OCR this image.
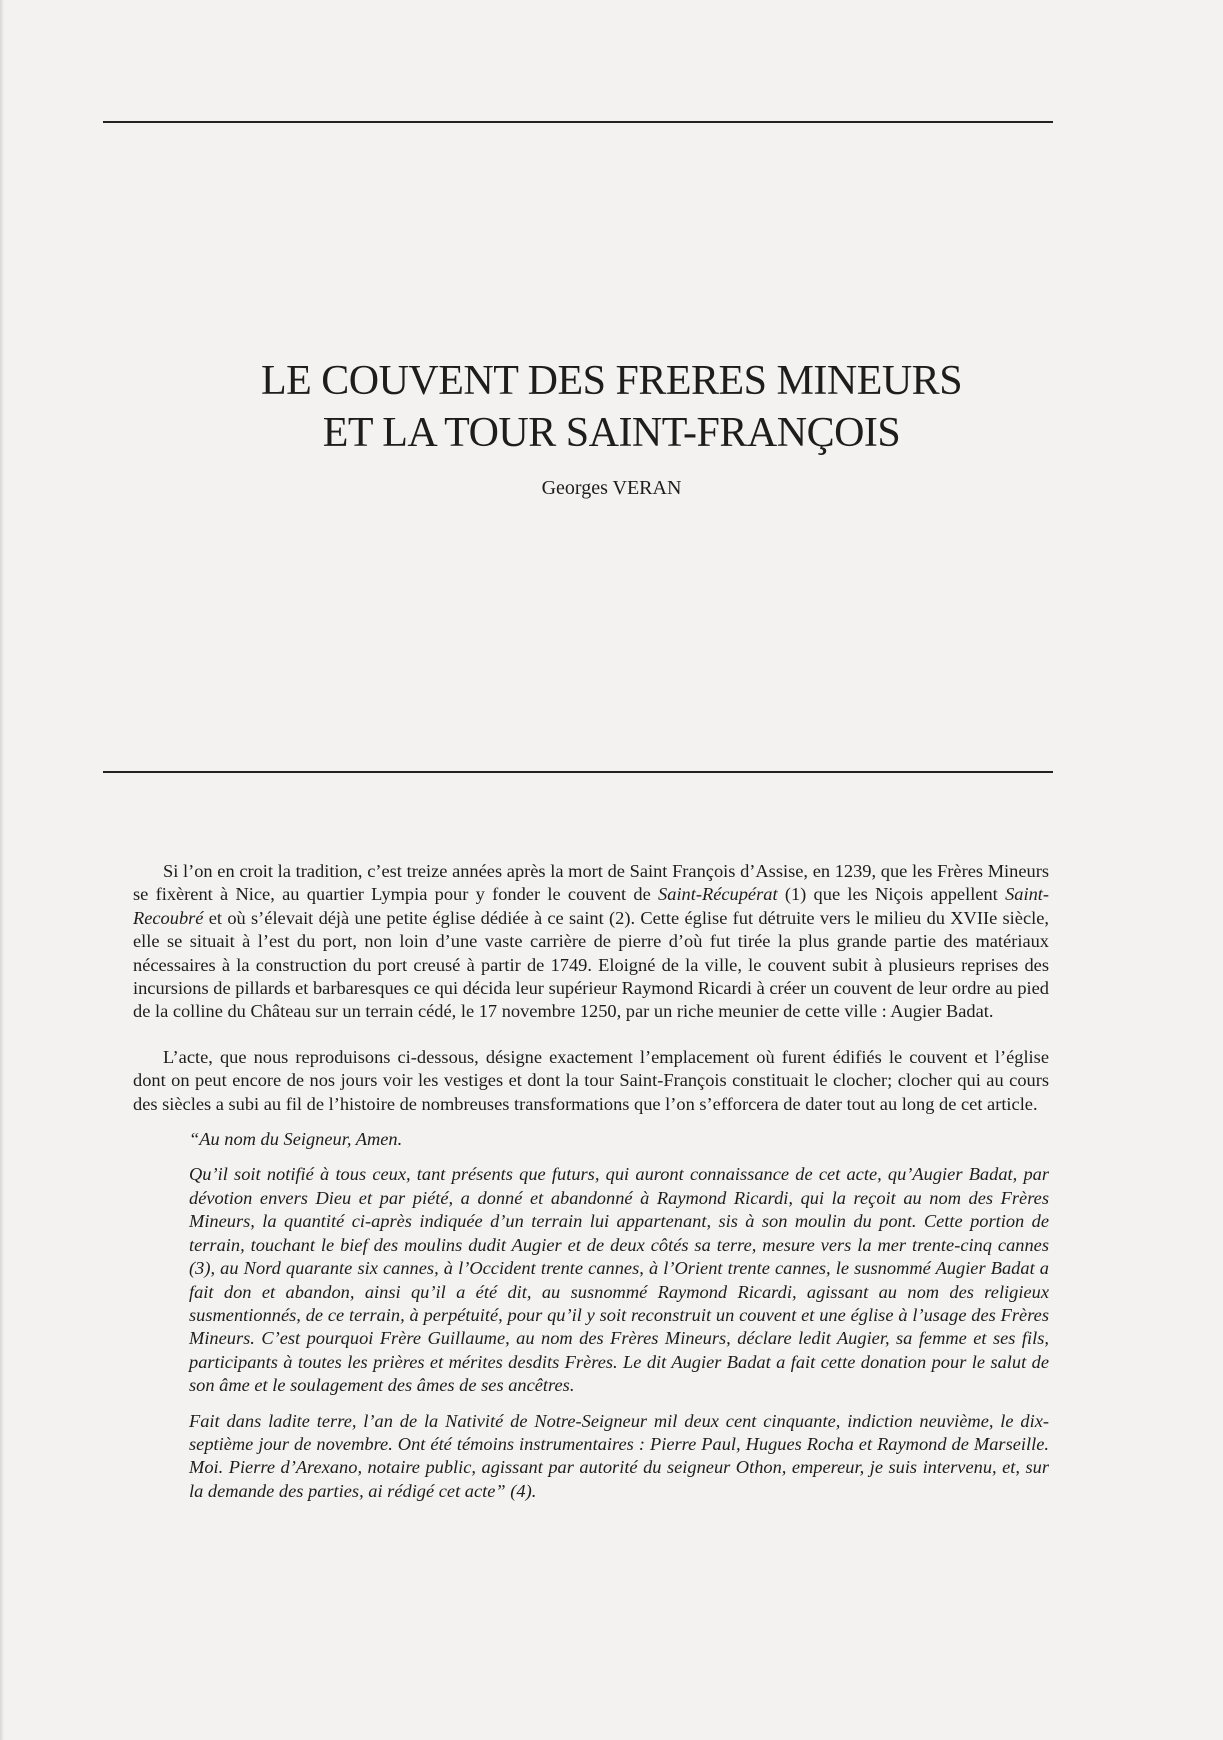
LE COUVENT DES FRERES MINEURS
ET LA TOUR SAINT-FRANÇOIS

Georges VERAN

Si l’on en croit la tradition, c’est treize années après la mort de Saint François d’Assise, en 1239, que les Frères Mineurs se fixèrent à Nice, au quartier Lympia pour y fonder le couvent de Saint-Récupérat (1) que les Niçois appellent Saint-Recoubré et où s’élevait déjà une petite église dédiée à ce saint (2). Cette église fut détruite vers le milieu du XVIIe siècle, elle se situait à l’est du port, non loin d’une vaste carrière de pierre d’où fut tirée la plus grande partie des matériaux nécessaires à la construction du port creusé à partir de 1749. Eloigné de la ville, le couvent subit à plusieurs reprises des incursions de pillards et barbaresques ce qui décida leur supérieur Raymond Ricardi à créer un couvent de leur ordre au pied de la colline du Château sur un terrain cédé, le 17 novembre 1250, par un riche meunier de cette ville : Augier Badat.

L’acte, que nous reproduisons ci-dessous, désigne exactement l’emplacement où furent édifiés le couvent et l’église dont on peut encore de nos jours voir les vestiges et dont la tour Saint-François constituait le clocher; clocher qui au cours des siècles a subi au fil de l’histoire de nombreuses transformations que l’on s’efforcera de dater tout au long de cet article.

“Au nom du Seigneur, Amen.

Qu’il soit notifié à tous ceux, tant présents que futurs, qui auront connaissance de cet acte, qu’Augier Badat, par dévotion envers Dieu et par piété, a donné et abandonné à Raymond Ricardi, qui la reçoit au nom des Frères Mineurs, la quantité ci-après indiquée d’un terrain lui appartenant, sis à son moulin du pont. Cette portion de terrain, touchant le bief des moulins dudit Augier et de deux côtés sa terre, mesure vers la mer trente-cinq cannes (3), au Nord quarante six cannes, à l’Occident trente cannes, à l’Orient trente cannes, le susnommé Augier Badat a fait don et abandon, ainsi qu’il a été dit, au susnommé Raymond Ricardi, agissant au nom des religieux susmentionnés, de ce terrain, à perpétuité, pour qu’il y soit reconstruit un couvent et une église à l’usage des Frères Mineurs. C’est pourquoi Frère Guillaume, au nom des Frères Mineurs, déclare ledit Augier, sa femme et ses fils, participants à toutes les prières et mérites desdits Frères. Le dit Augier Badat a fait cette donation pour le salut de son âme et le soulagement des âmes de ses ancêtres.

Fait dans ladite terre, l’an de la Nativité de Notre-Seigneur mil deux cent cinquante, indiction neuvième, le dix-septième jour de novembre. Ont été témoins instrumentaires : Pierre Paul, Hugues Rocha et Raymond de Marseille. Moi. Pierre d’Arexano, notaire public, agissant par autorité du seigneur Othon, empereur, je suis intervenu, et, sur la demande des parties, ai rédigé cet acte” (4).
